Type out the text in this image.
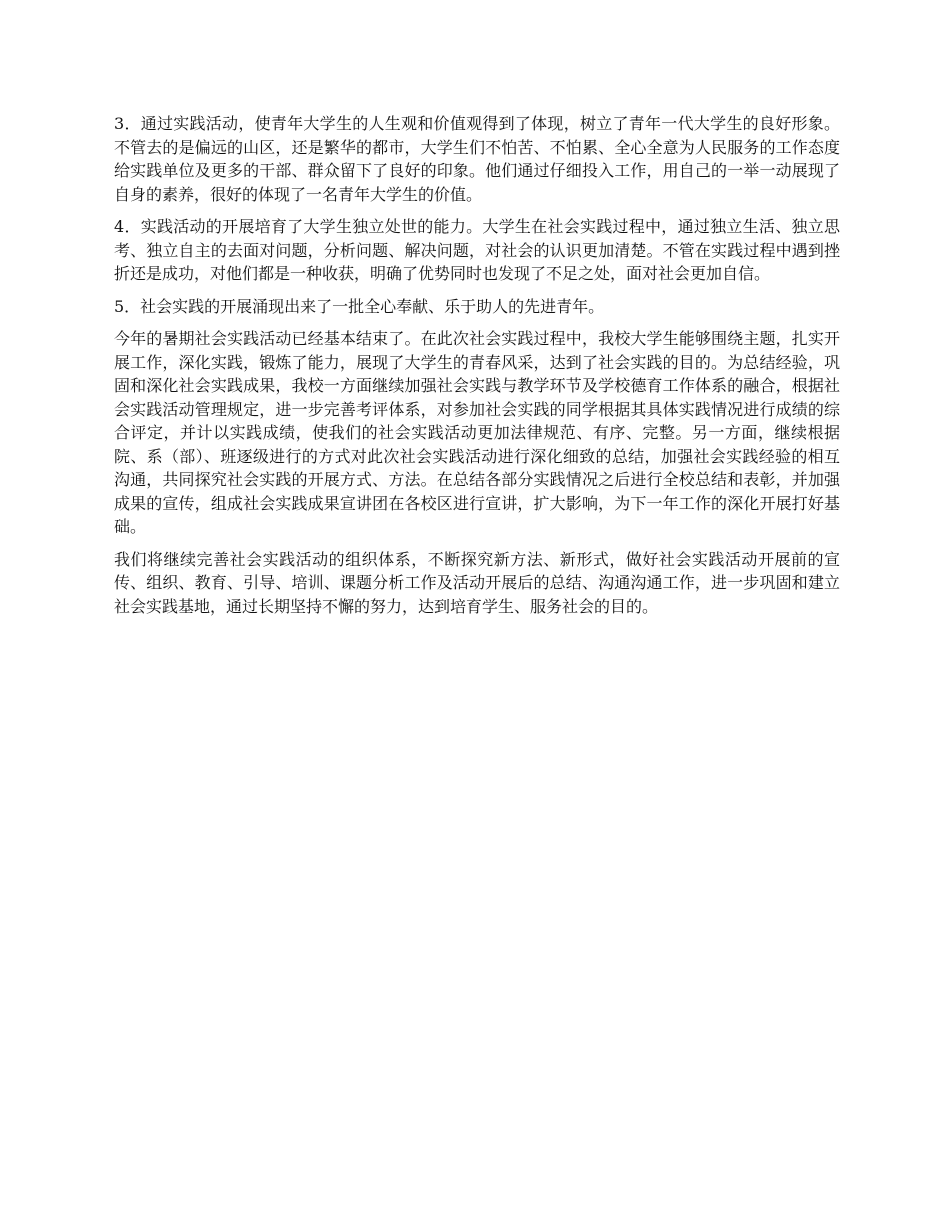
3．通过实践活动，使青年大学生的人生观和价值观得到了体现，树立了青年一代大学生的良好形象。不管去的是偏远的山区，还是繁华的都市，大学生们不怕苦、不怕累、全心全意为人民服务的工作态度给实践单位及更多的干部、群众留下了良好的印象。他们通过仔细投入工作，用自己的一举一动展现了自身的素养，很好的体现了一名青年大学生的价值。

4．实践活动的开展培育了大学生独立处世的能力。大学生在社会实践过程中，通过独立生活、独立思考、独立自主的去面对问题，分析问题、解决问题，对社会的认识更加清楚。不管在实践过程中遇到挫折还是成功，对他们都是一种收获，明确了优势同时也发现了不足之处，面对社会更加自信。

5．社会实践的开展涌现出来了一批全心奉献、乐于助人的先进青年。

今年的暑期社会实践活动已经基本结束了。在此次社会实践过程中，我校大学生能够围绕主题，扎实开展工作，深化实践，锻炼了能力，展现了大学生的青春风采，达到了社会实践的目的。为总结经验，巩固和深化社会实践成果，我校一方面继续加强社会实践与教学环节及学校德育工作体系的融合，根据社会实践活动管理规定，进一步完善考评体系，对参加社会实践的同学根据其具体实践情况进行成绩的综合评定，并计以实践成绩，使我们的社会实践活动更加法律规范、有序、完整。另一方面，继续根据院、系（部）、班逐级进行的方式对此次社会实践活动进行深化细致的总结，加强社会实践经验的相互沟通，共同探究社会实践的开展方式、方法。在总结各部分实践情况之后进行全校总结和表彰，并加强成果的宣传，组成社会实践成果宣讲团在各校区进行宣讲，扩大影响，为下一年工作的深化开展打好基础。

我们将继续完善社会实践活动的组织体系，不断探究新方法、新形式，做好社会实践活动开展前的宣传、组织、教育、引导、培训、课题分析工作及活动开展后的总结、沟通沟通工作，进一步巩固和建立社会实践基地，通过长期坚持不懈的努力，达到培育学生、服务社会的目的。
